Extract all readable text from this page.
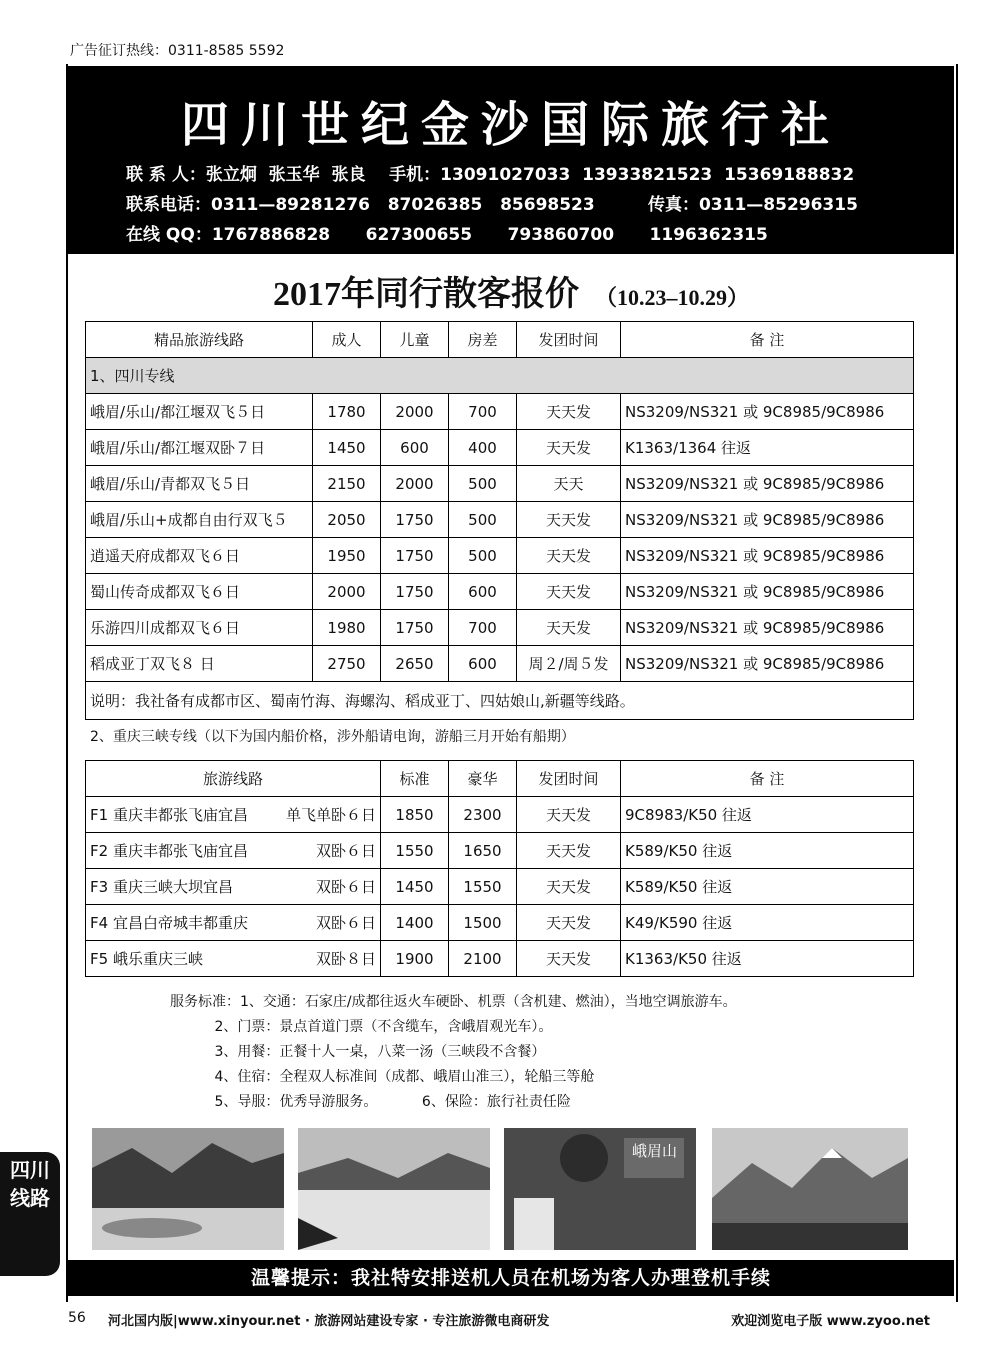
广告征订热线：0311-8585 5592
四川世纪金沙国际旅行社
联 系 人：张立炯  张玉华  张良    手机：13091027033  13933821523  15369188832
联系电话：0311—89281276   87026385   85698523         传真：0311—85296315
在线 QQ：1767886828      627300655      793860700      1196362315
2017年同行散客报价 （10.23–10.29）
精品旅游线路	成人	儿童	房差	发团时间	备 注
1、四川专线					
峨眉/乐山/都江堰双飞５日	1780	2000	700	天天发	NS3209/NS321 或 9C8985/9C8986
峨眉/乐山/都江堰双卧７日	1450	600	400	天天发	K1363/1364 往返
峨眉/乐山/青都双飞５日	2150	2000	500	天天	NS3209/NS321 或 9C8985/9C8986
峨眉/乐山+成都自由行双飞５	2050	1750	500	天天发	NS3209/NS321 或 9C8985/9C8986
逍遥天府成都双飞６日	1950	1750	500	天天发	NS3209/NS321 或 9C8985/9C8986
蜀山传奇成都双飞６日	2000	1750	600	天天发	NS3209/NS321 或 9C8985/9C8986
乐游四川成都双飞６日	1980	1750	700	天天发	NS3209/NS321 或 9C8985/9C8986
稻成亚丁双飞８ 日	2750	2650	600	周２/周５发	NS3209/NS321 或 9C8985/9C8986
说明：我社备有成都市区、蜀南竹海、海螺沟、稻成亚丁、四姑娘山,新疆等线路。					
2、重庆三峡专线（以下为国内船价格，涉外船请电询，游船三月开始有船期）
旅游线路	标准	豪华	发团时间	备 注
F1 重庆丰都张飞庙宜昌 单飞单卧６日	1850	2300	天天发	9C8983/K50 往返
F2 重庆丰都张飞庙宜昌 双卧６日	1550	1650	天天发	K589/K50 往返
F3 重庆三峡大坝宜昌 双卧６日	1450	1550	天天发	K589/K50 往返
F4 宜昌白帝城丰都重庆 双卧６日	1400	1500	天天发	K49/K590 往返
F5 峨乐重庆三峡 双卧８日	1900	2100	天天发	K1363/K50 往返
服务标准：1、交通：石家庄/成都往返火车硬卧、机票（含机建、燃油），当地空调旅游车。
2、门票：景点首道门票（不含缆车，含峨眉观光车）。
3、用餐：正餐十人一桌，八菜一汤（三峡段不含餐）
4、住宿：全程双人标准间（成都、峨眉山准三），轮船三等舱
5、导服：优秀导游服务。          6、保险：旅行社责任险
峨眉山
温馨提示：我社特安排送机人员在机场为客人办理登机手续
四川
线路
56 河北国内版|www.xinyour.net · 旅游网站建设专家 · 专注旅游微电商研发	欢迎浏览电子版 www.zyoo.net
